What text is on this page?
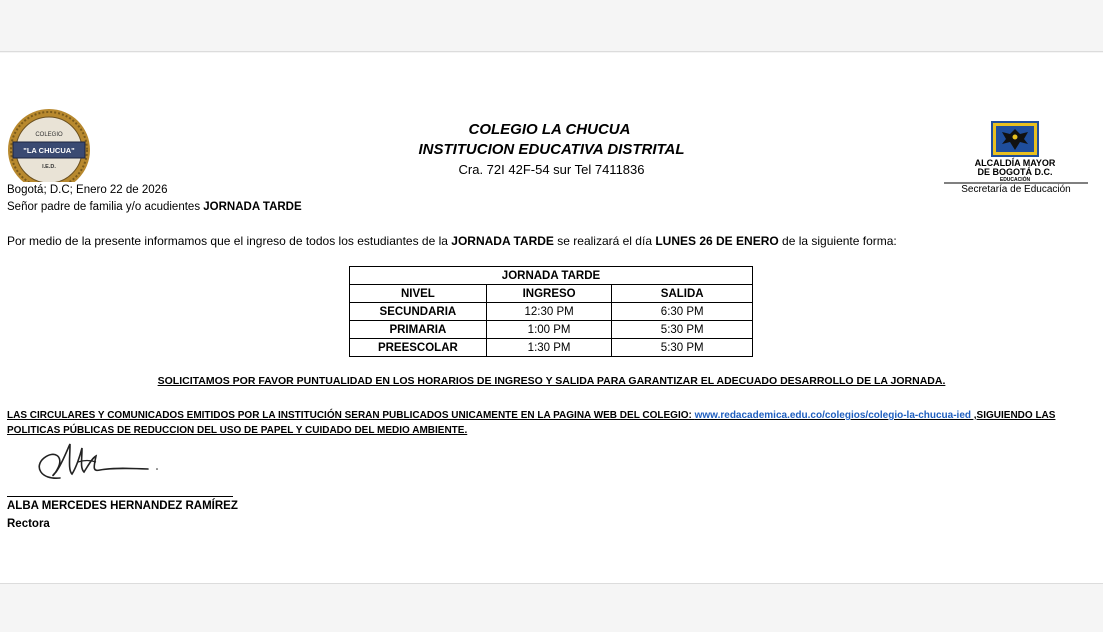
COLEGIO
"LA CHUCUA"
I.E.D.	ALCALDÍA MAYOR
DE BOGOTÁ D.C.
EDUCACIÓN
Secretaría de Educación
COLEGIO LA CHUCUA
INSTITUCION EDUCATIVA DISTRITAL
Cra. 72I 42F-54 sur Tel 7411836
Bogotá; D.C; Enero 22 de 2026
Señor padre de familia y/o acudientes JORNADA TARDE
Por medio de la presente informamos que el ingreso de todos los estudiantes de la JORNADA TARDE se realizará el día LUNES 26 DE ENERO de la siguiente forma:
JORNADA TARDE		
NIVEL	INGRESO	SALIDA
SECUNDARIA	12:30 PM	6:30 PM
PRIMARIA	1:00 PM	5:30 PM
PREESCOLAR	1:30 PM	5:30 PM
SOLICITAMOS POR FAVOR PUNTUALIDAD EN LOS HORARIOS DE INGRESO Y SALIDA PARA GARANTIZAR EL ADECUADO DESARROLLO DE LA JORNADA.
LAS CIRCULARES Y COMUNICADOS EMITIDOS POR LA INSTITUCIÓN SERAN PUBLICADOS UNICAMENTE EN LA PAGINA WEB DEL COLEGIO: www.redacademica.edu.co/colegios/colegio-la-chucua-ied ,SIGUIENDO LAS POLITICAS PÚBLICAS DE REDUCCION DEL USO DE PAPEL Y CUIDADO DEL MEDIO AMBIENTE.
ALBA MERCEDES HERNANDEZ RAMÍREZ
Rectora
